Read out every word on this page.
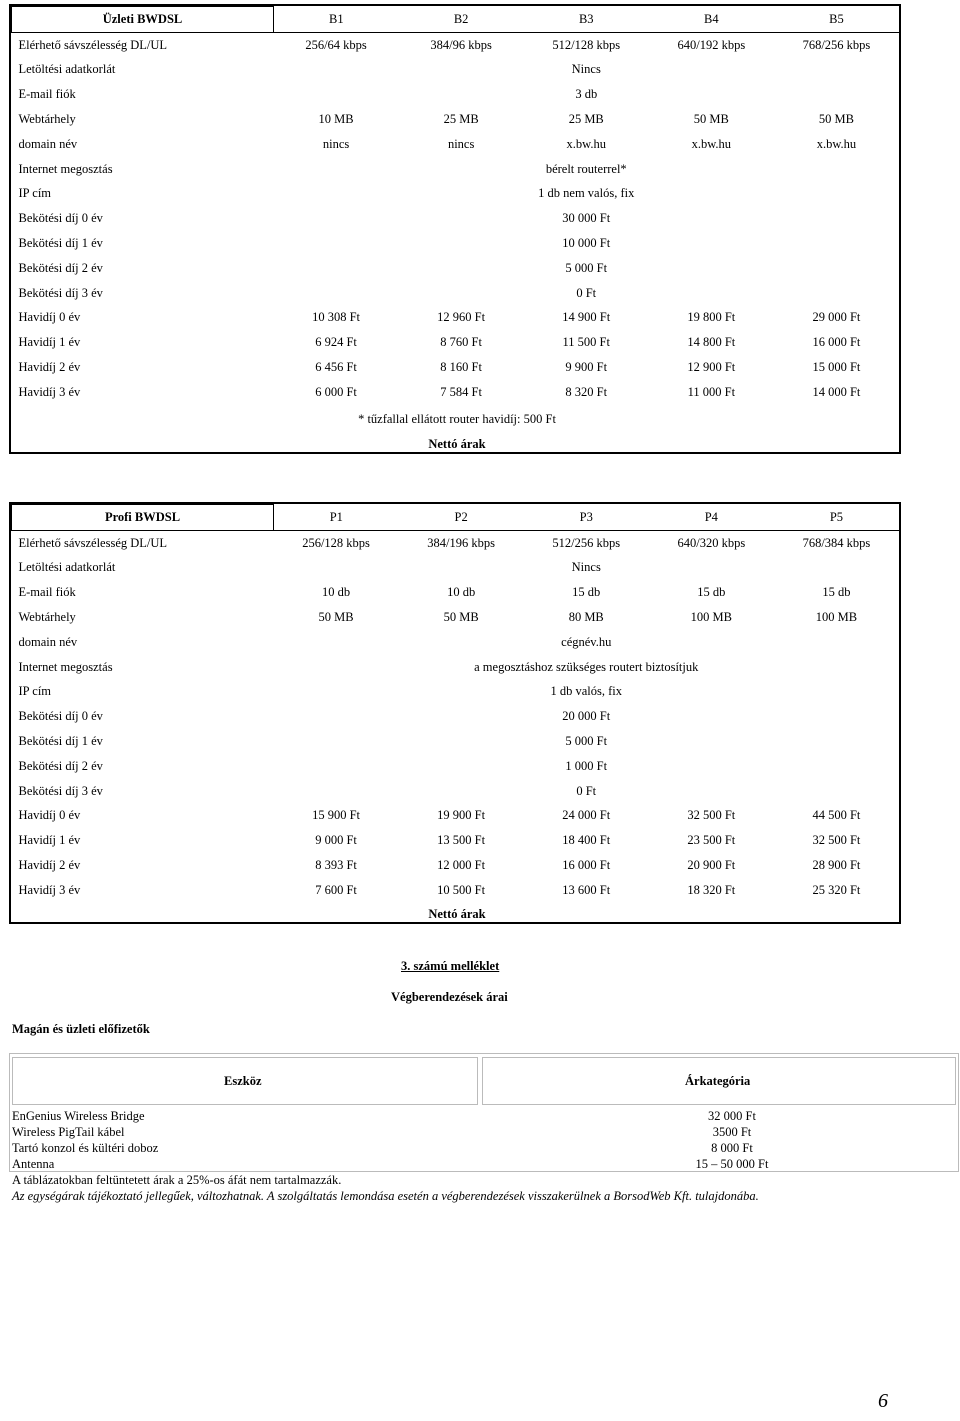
Üzleti BWDSL	B1	B2	B3	B4	B5
Elérhető sávszélesség DL/UL	256/64 kbps	384/96 kbps	512/128 kbps	640/192 kbps	768/256 kbps
Letöltési adatkorlát	Nincs				
E-mail fiók	3 db				
Webtárhely	10 MB	25 MB	25 MB	50 MB	50 MB
domain név	nincs	nincs	x.bw.hu	x.bw.hu	x.bw.hu
Internet megosztás	bérelt routerrel*				
IP cím	1 db nem valós, fix				
Bekötési díj 0 év	30 000 Ft				
Bekötési díj 1 év	10 000 Ft				
Bekötési díj 2 év	5 000 Ft				
Bekötési díj 3 év	0 Ft				
Havidíj 0 év	10 308 Ft	12 960 Ft	14 900 Ft	19 800 Ft	29 000 Ft
Havidíj 1 év	6 924 Ft	8 760 Ft	11 500 Ft	14 800 Ft	16 000 Ft
Havidíj 2 év	6 456 Ft	8 160 Ft	9 900 Ft	12 900 Ft	15 000 Ft
Havidíj 3 év	6 000 Ft	7 584 Ft	8 320 Ft	11 000 Ft	14 000 Ft
* tűzfallal ellátott router havidíj: 500 Ft
Nettó árak
Profi BWDSL	P1	P2	P3	P4	P5
Elérhető sávszélesség DL/UL	256/128 kbps	384/196 kbps	512/256 kbps	640/320 kbps	768/384 kbps
Letöltési adatkorlát	Nincs				
E-mail fiók	10 db	10 db	15 db	15 db	15 db
Webtárhely	50 MB	50 MB	80 MB	100 MB	100 MB
domain név	cégnév.hu				
Internet megosztás	a megosztáshoz szükséges routert biztosítjuk				
IP cím	1 db valós, fix				
Bekötési díj 0 év	20 000 Ft				
Bekötési díj 1 év	5 000 Ft				
Bekötési díj 2 év	1 000 Ft				
Bekötési díj 3 év	0 Ft				
Havidíj 0 év	15 900 Ft	19 900 Ft	24 000 Ft	32 500 Ft	44 500 Ft
Havidíj 1 év	9 000 Ft	13 500 Ft	18 400 Ft	23 500 Ft	32 500 Ft
Havidíj 2 év	8 393 Ft	12 000 Ft	16 000 Ft	20 900 Ft	28 900 Ft
Havidíj 3 év	7 600 Ft	10 500 Ft	13 600 Ft	18 320 Ft	25 320 Ft
Nettó árak
3. számú melléklet
Végberendezések árai
Magán és üzleti előfizetők
Eszköz	Árkategória
EnGenius Wireless Bridge	32 000 Ft
Wireless PigTail kábel	3500 Ft
Tartó konzol és kültéri doboz	8 000 Ft
Antenna	15 – 50 000 Ft
A táblázatokban feltüntetett árak a 25%-os áfát nem tartalmazzák.
Az egységárak tájékoztató jellegűek, változhatnak. A szolgáltatás lemondása esetén a végberendezések visszakerülnek a BorsodWeb Kft. tulajdonába.
6
